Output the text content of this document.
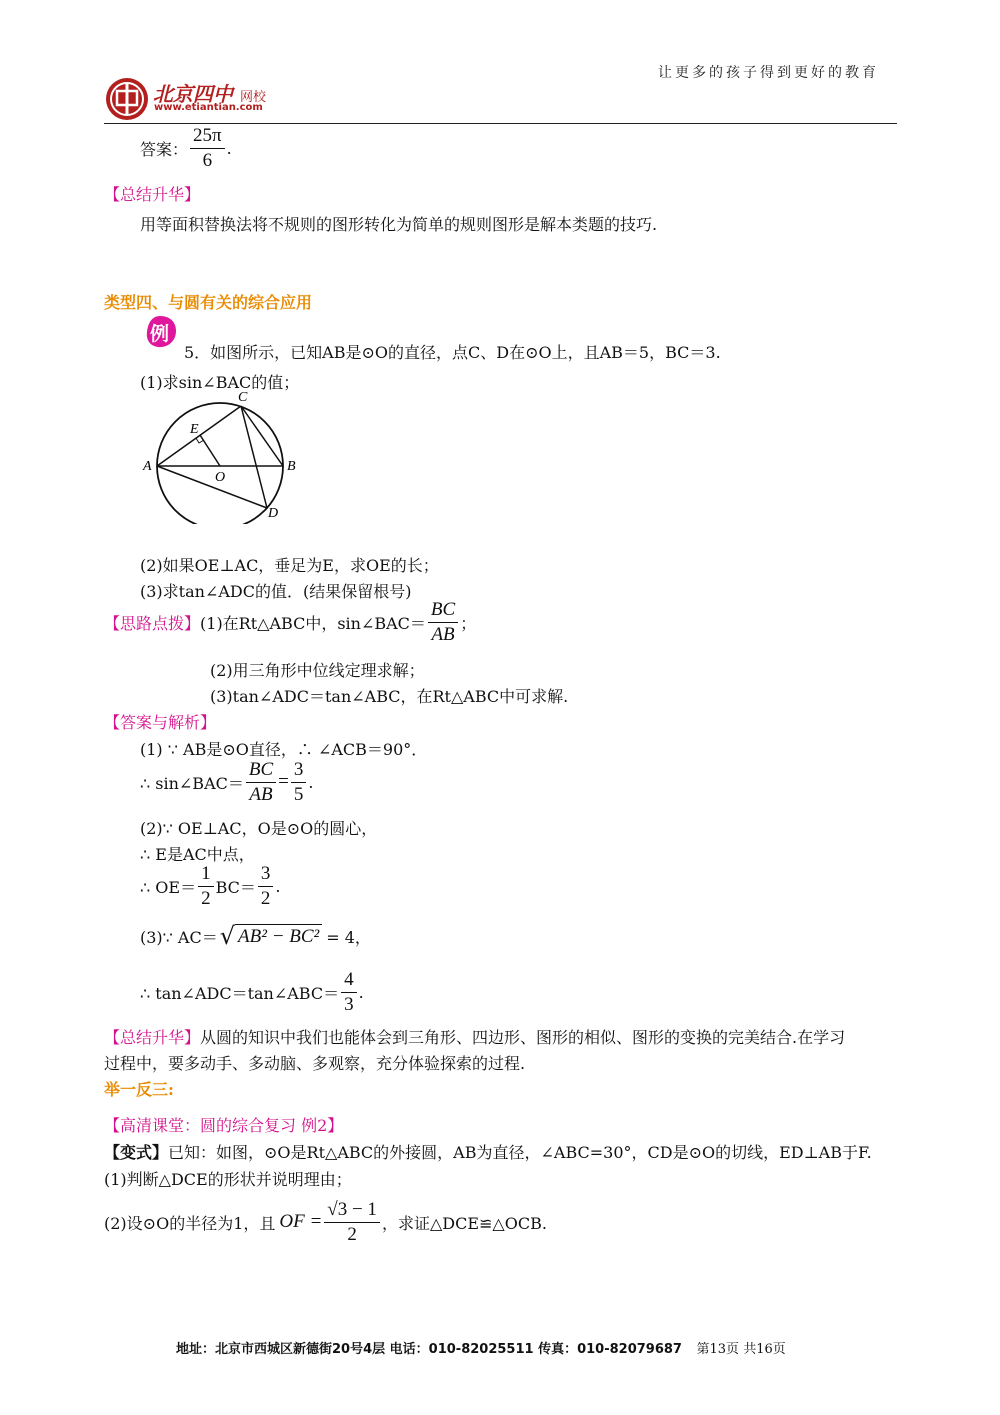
让更多的孩子得到更好的教育
北京四中 网校
www.etiantian.com
答案： $\frac{25\pi}{6}$ .
【总结升华】
用等面积替换法将不规则的图形转化为简单的规则图形是解本类题的技巧.
类型四、与圆有关的综合应用
例
5．如图所示，已知AB是⊙O的直径，点C、D在⊙O上，且AB＝5，BC＝3.
(1)求sin∠BAC的值；
C
E
A	B
O
D
(2)如果OE⊥AC，垂足为E，求OE的长；
(3)求tan∠ADC的值．(结果保留根号)
【思路点拨】 (1)在Rt△ABC中，sin∠BAC＝ $\frac{BC}{AB}$ ；
(2)用三角形中位线定理求解；
(3)tan∠ADC＝tan∠ABC，在Rt△ABC中可求解.
【答案与解析】
(1) ∵ AB是⊙O直径，∴ ∠ACB＝90°．
∴ sin∠BAC＝ $\frac{BC}{AB} = \frac{3}{5}$ .
(2)∵ OE⊥AC，O是⊙O的圆心，
∴ E是AC中点，
∴ $OE= \frac{1}{2} BC= \frac{3}{2}$ .
(3)∵ AC＝ √ AB² − BC² = 4，
∴ tan∠ADC＝tan∠ABC＝ $\frac{4}{3}$ .
【总结升华】从圆的知识中我们也能体会到三角形、四边形、图形的相似、图形的变换的完美结合.在学习
过程中，要多动手、多动脑、多观察，充分体验探索的过程.
举一反三:
【高清课堂：圆的综合复习 例2】
【变式】已知：如图，⊙O是Rt△ABC的外接圆，AB为直径，∠ABC=30°，CD是⊙O的切线，ED⊥AB于F.
(1)判断△DCE的形状并说明理由；
(2)设⊙O的半径为1，且 OF = $\frac{√3 - 1}{2}$ ，求证△DCE≌△OCB.
地址：北京市西城区新德街20号4层 电话：010-82025511 传真：010-82079687 第13页 共16页
